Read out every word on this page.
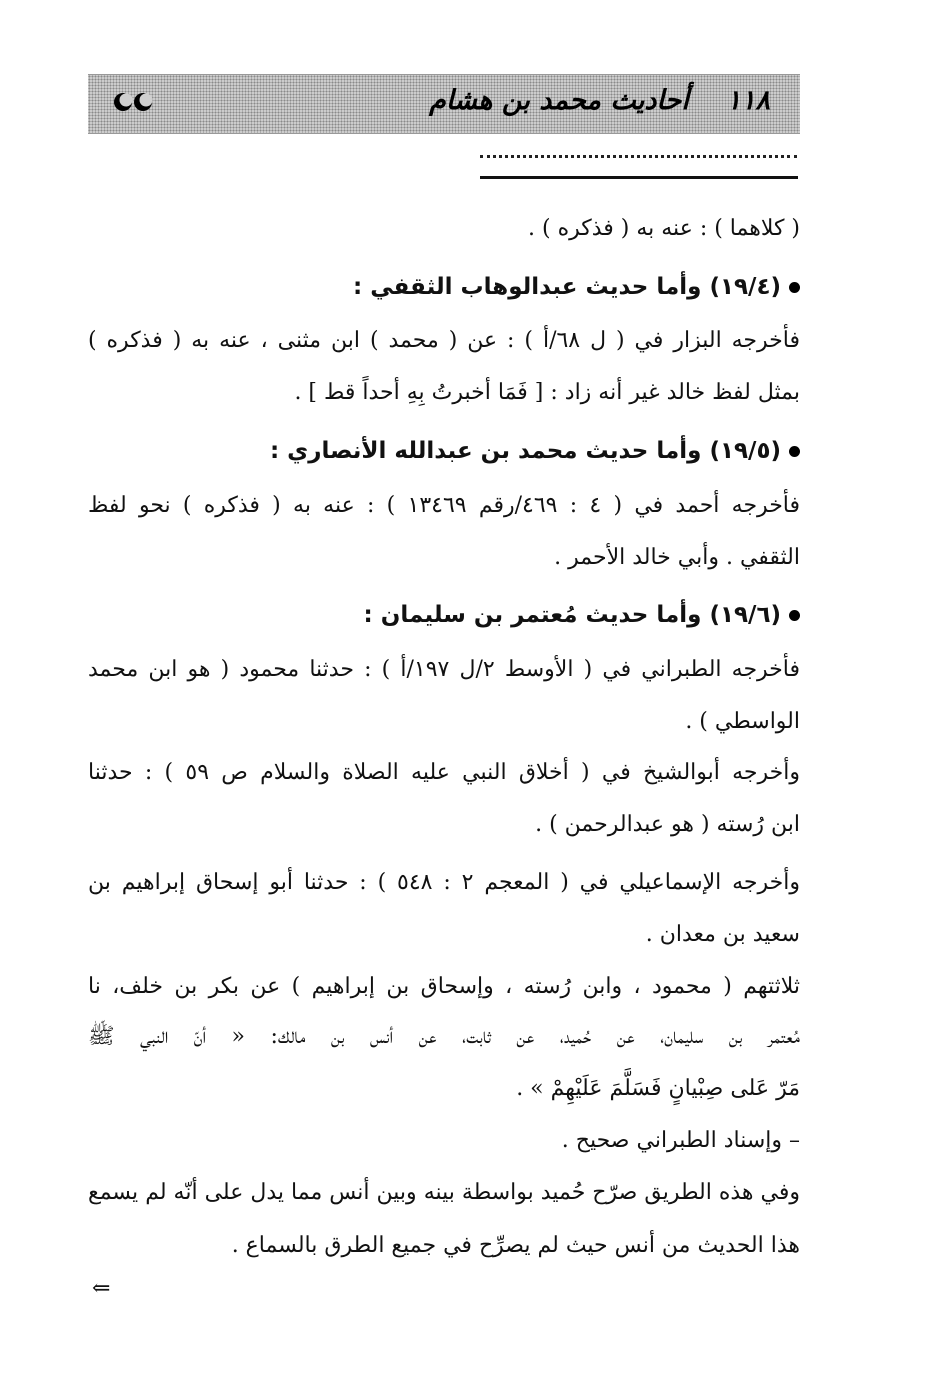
١١٨    أحاديث محمد بن هشام
( كلاهما ) : عنه به ( فذكره ) .
(١٩/٤) وأما حديث عبدالوهاب الثقفي :
فأخرجه البزار في ( ل ٦٨/أ ) : عن ( محمد ) ابن مثنى ، عنه به ( فذكره )
بمثل لفظ خالد غير أنه زاد : [ فَمَا أخبرتُ بِهِ أحداً قط ] .
(١٩/٥) وأما حديث محمد بن عبدالله الأنصاري :
فأخرجه أحمد في ( ٤ : ٤٦٩/رقم ١٣٤٦٩ ) : عنه به ( فذكره ) نحو لفظ
الثقفي . وأبي خالد الأحمر .
(١٩/٦) وأما حديث مُعتمر بن سليمان :
فأخرجه الطبراني في ( الأوسط ٢/ل ١٩٧/أ ) : حدثنا محمود ( هو ابن محمد
الواسطي ) .
وأخرجه أبوالشيخ في ( أخلاق النبي عليه الصلاة والسلام ص ٥٩ ) : حدثنا
ابن رُسته ( هو عبدالرحمن ) .
وأخرجه الإسماعيلي في ( المعجم ٢ : ٥٤٨ ) : حدثنا أبو إسحاق إبراهيم بن
سعيد بن معدان .
ثلاثتهم ( محمود ، وابن رُسته ، وإسحاق بن إبراهيم ) عن بكر بن خلف، نا
مُعتمر بن سليمان، عن حُميد، عن ثابت، عن أنس بن مالك: « أنّ النبي ﷺ
مَرّ عَلى صِبْيانٍ فَسَلَّمَ عَلَيْهِمْ » .
– وإسناد الطبراني صحيح .
وفي هذه الطريق صرّح حُميد بواسطة بينه وبين أنس مما يدل على أنّه لم يسمع
هذا الحديث من أنس حيث لم يصرِّح في جميع الطرق بالسماع .
⇐
